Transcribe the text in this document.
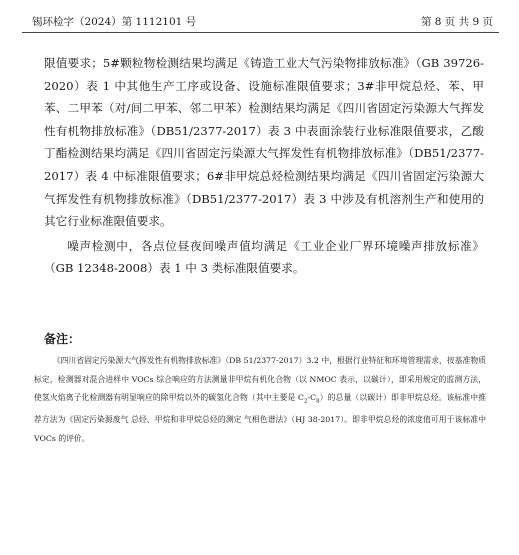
锡环检字（2024）第 1112101 号	第 8 页 共 9 页

限值要求；5#颗粒物检测结果均满足《铸造工业大气污染物排放标准》（GB 39726-2020）表 1 中其他生产工序或设备、设施标准限值要求；3#非甲烷总烃、苯、甲苯、二甲苯（对/间二甲苯、邻二甲苯）检测结果均满足《四川省固定污染源大气挥发性有机物排放标准》（DB51/2377-2017）表 3 中表面涂装行业标准限值要求，乙酸丁酯检测结果均满足《四川省固定污染源大气挥发性有机物排放标准》（DB51/2377-2017）表 4 中标准限值要求；6#非甲烷总烃检测结果均满足《四川省固定污染源大气挥发性有机物排放标准》（DB51/2377-2017）表 3 中涉及有机溶剂生产和使用的其它行业标准限值要求。

噪声检测中，各点位昼夜间噪声值均满足《工业企业厂界环境噪声排放标准》（GB 12348-2008）表 1 中 3 类标准限值要求。

备注：

《四川省固定污染源大气挥发性有机物排放标准》（DB 51/2377-2017）3.2 中，根据行业特征和环境管理需求，按基准物质标定，检测器对混合进样中 VOCs 综合响应的方法测量非甲烷有机化合物（以 NMOC 表示，以碳计），即采用规定的监测方法，使氢火焰离子化检测器有明显响应的除甲烷以外的碳氢化合物（其中主要是 $C_2-C_8$）的总量（以碳计）即非甲烷总烃。该标准中推荐方法为《固定污染源废气 总烃、甲烷和非甲烷总烃的测定 气相色谱法》（HJ 38-2017）。即非甲烷总烃的浓度值可用于该标准中 VOCs 的评价。
